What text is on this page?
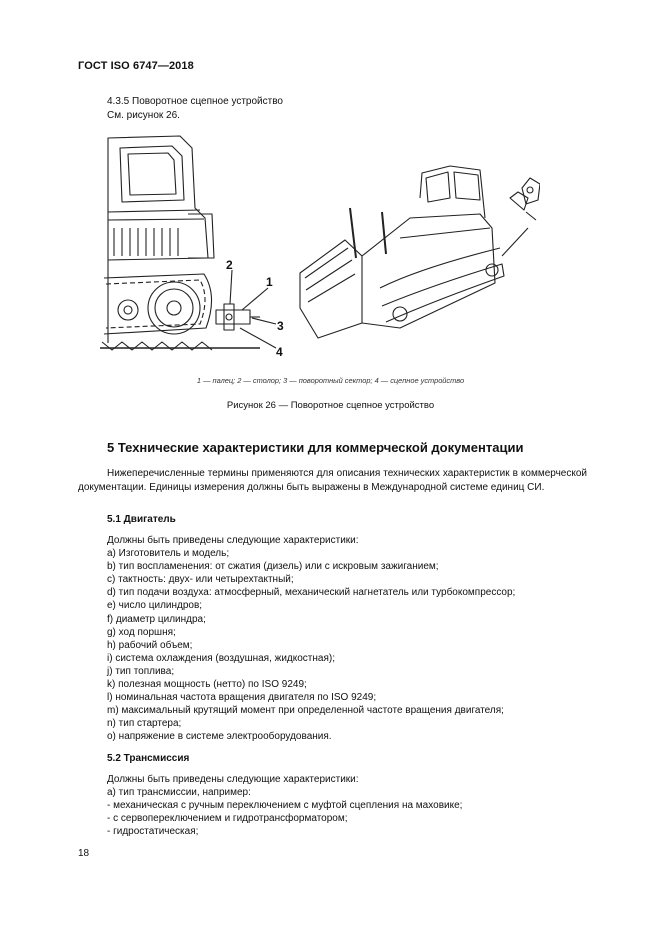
ГОСТ ISO 6747—2018
4.3.5 Поворотное сцепное устройство
См. рисунок 26.
2
1
3
4
1 — палец; 2 — столор; 3 — поворотный сектор; 4 — сцепное устройство
Рисунок 26 — Поворотное сцепное устройство
5 Технические характеристики для коммерческой документации
Нижеперечисленные термины применяются для описания технических характеристик в коммерческой документации. Единицы измерения должны быть выражены в Международной системе единиц СИ.
5.1 Двигатель
Должны быть приведены следующие характеристики:
a) Изготовитель и модель;
b) тип воспламенения: от сжатия (дизель) или с искровым зажиганием;
c) тактность: двух- или четырехтактный;
d) тип подачи воздуха: атмосферный, механический нагнетатель или турбокомпрессор;
e) число цилиндров;
f) диаметр цилиндра;
g) ход поршня;
h) рабочий объем;
i) система охлаждения (воздушная, жидкостная);
j) тип топлива;
k) полезная мощность (нетто) по ISO 9249;
l) номинальная частота вращения двигателя по ISO 9249;
m) максимальный крутящий момент при определенной частоте вращения двигателя;
n) тип стартера;
o) напряжение в системе электрооборудования.
5.2 Трансмиссия
Должны быть приведены следующие характеристики:
a) тип трансмиссии, например:
- механическая с ручным переключением с муфтой сцепления на маховике;
- с сервопереключением и гидротрансформатором;
- гидростатическая;
18
